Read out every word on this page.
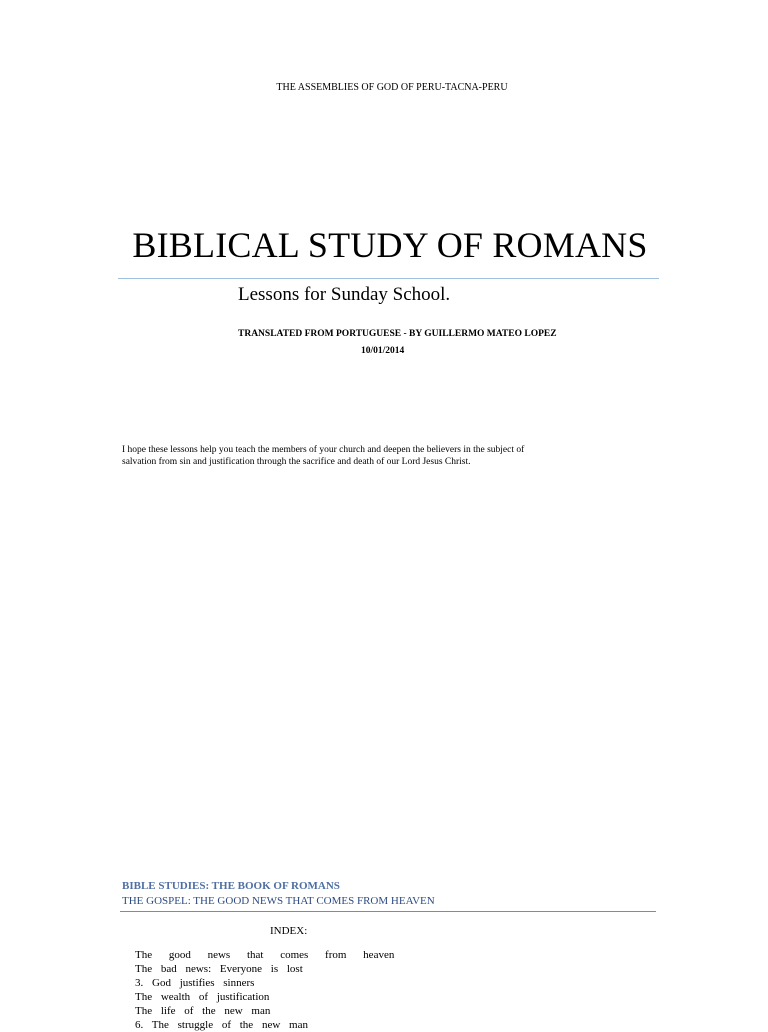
THE ASSEMBLIES OF GOD OF PERU-TACNA-PERU
BIBLICAL STUDY OF ROMANS
Lessons for Sunday School.
TRANSLATED FROM PORTUGUESE - BY GUILLERMO MATEO LOPEZ
10/01/2014
I hope these lessons help you teach the members of your church and deepen the believers in the subject of
salvation from sin and justification through the sacrifice and death of our Lord Jesus Christ.
BIBLE STUDIES: THE BOOK OF ROMANS
THE GOSPEL: THE GOOD NEWS THAT COMES FROM HEAVEN
INDEX:
The good news that comes from heaven
The bad news: Everyone is lost
3. God justifies sinners
The wealth of justification
The life of the new man
6. The struggle of the new man
